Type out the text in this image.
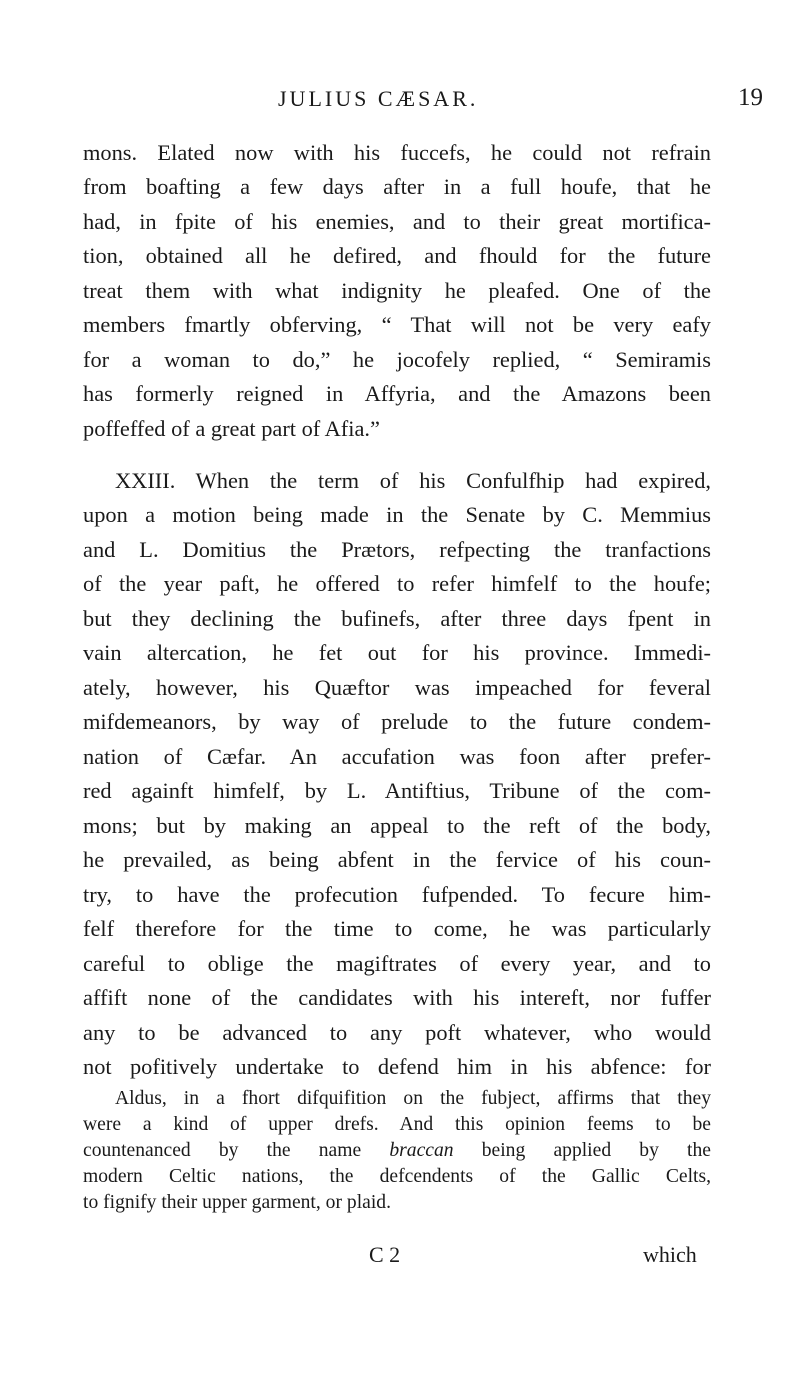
JULIUS CÆSAR.	19
mons. Elated now with his fuccefs, he could not refrain
from boafting a few days after in a full houfe, that he
had, in fpite of his enemies, and to their great mortifica-
tion, obtained all he defired, and fhould for the future
treat them with what indignity he pleafed. One of the
members fmartly obferving, “ That will not be very eafy
for a woman to do,” he jocofely replied, “ Semiramis
has formerly reigned in Affyria, and the Amazons been
poffeffed of a great part of Afia.”
XXIII. When the term of his Confulfhip had expired,
upon a motion being made in the Senate by C. Memmius
and L. Domitius the Prætors, refpecting the tranfactions
of the year paft, he offered to refer himfelf to the houfe;
but they declining the bufinefs, after three days fpent in
vain altercation, he fet out for his province. Immedi-
ately, however, his Quæftor was impeached for feveral
mifdemeanors, by way of prelude to the future condem-
nation of Cæfar. An accufation was foon after prefer-
red againft himfelf, by L. Antiftius, Tribune of the com-
mons; but by making an appeal to the reft of the body,
he prevailed, as being abfent in the fervice of his coun-
try, to have the profecution fufpended. To fecure him-
felf therefore for the time to come, he was particularly
careful to oblige the magiftrates of every year, and to
affift none of the candidates with his intereft, nor fuffer
any to be advanced to any poft whatever, who would
not pofitively undertake to defend him in his abfence: for
Aldus, in a fhort difquifition on the fubject, affirms that they
were a kind of upper drefs. And this opinion feems to be
countenanced by the name braccan being applied by the
modern Celtic nations, the defcendents of the Gallic Celts,
to fignify their upper garment, or plaid.
C 2	which
